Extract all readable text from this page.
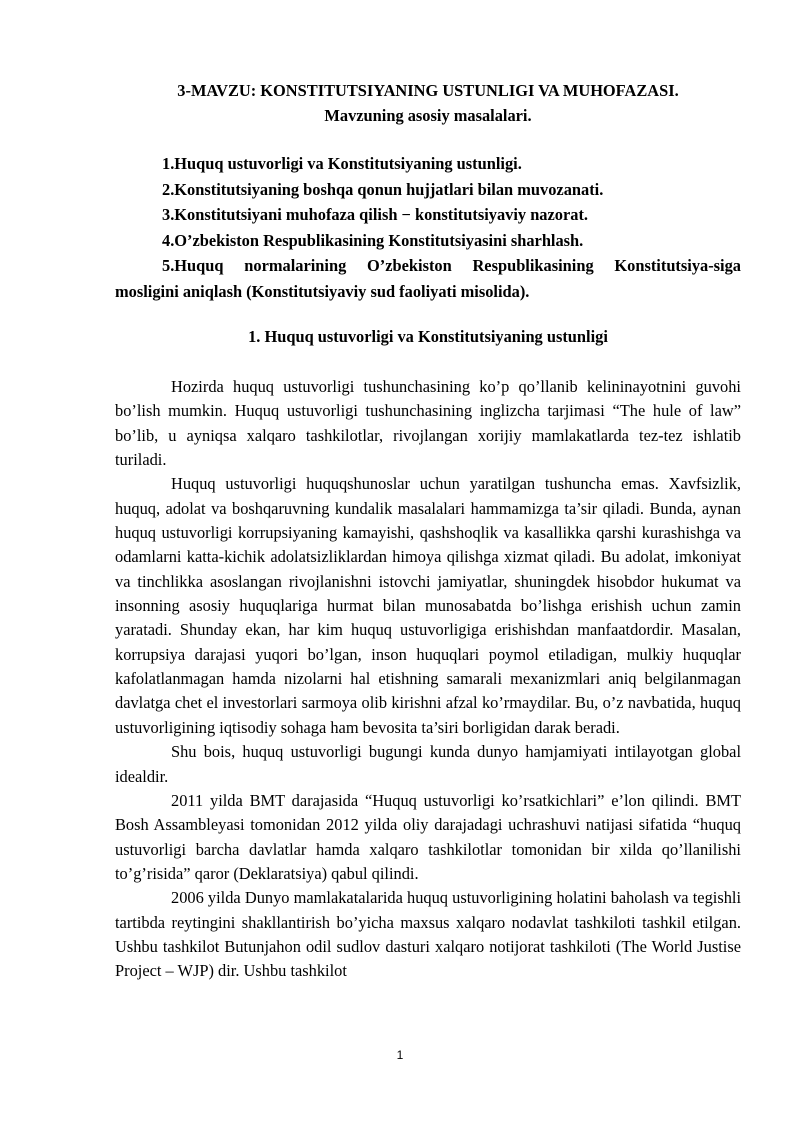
3-MAVZU: KONSTITUTSIYANING USTUNLIGI VA MUHOFAZASI.
Mavzuning asosiy masalalari.
1.Huquq ustuvorligi va Konstitutsiyaning ustunligi.
2.Konstitutsiyaning boshqa qonun hujjatlari bilan muvozanati.
3.Konstitutsiyani muhofaza qilish − konstitutsiyaviy nazorat.
4.O’zbekiston Respublikasining Konstitutsiyasini sharhlash.
5.Huquq normalarining O’zbekiston Respublikasining Konstitutsiya-siga mosligini aniqlash (Konstitutsiyaviy sud faoliyati misolida).
1. Huquq ustuvorligi va Konstitutsiyaning ustunligi

Hozirda huquq ustuvorligi tushunchasining ko’p qo’llanib kelininayotnini guvohi bo’lish mumkin. Huquq ustuvorligi tushunchasining inglizcha tarjimasi “The hule of law” bo’lib, u ayniqsa xalqaro tashkilotlar, rivojlangan xorijiy mamlakatlarda tez-tez ishlatib turiladi.

Huquq ustuvorligi huquqshunoslar uchun yaratilgan tushuncha emas. Xavfsizlik, huquq, adolat va boshqaruvning kundalik masalalari hammamizga ta’sir qiladi. Bunda, aynan huquq ustuvorligi korrupsiyaning kamayishi, qashshoqlik va kasallikka qarshi kurashishga va odamlarni katta-kichik adolatsizliklardan himoya qilishga xizmat qiladi. Bu adolat, imkoniyat va tinchlikka asoslangan rivojlanishni istovchi jamiyatlar, shuningdek hisobdor hukumat va insonning asosiy huquqlariga hurmat bilan munosabatda bo’lishga erishish uchun zamin yaratadi. Shunday ekan, har kim huquq ustuvorligiga erishishdan manfaatdordir. Masalan, korrupsiya darajasi yuqori bo’lgan, inson huquqlari poymol etiladigan, mulkiy huquqlar kafolatlanmagan hamda nizolarni hal etishning samarali mexanizmlari aniq belgilanmagan davlatga chet el investorlari sarmoya olib kirishni afzal ko’rmaydilar. Bu, o’z navbatida, huquq ustuvorligining iqtisodiy sohaga ham bevosita ta’siri borligidan darak beradi.

Shu bois, huquq ustuvorligi bugungi kunda dunyo hamjamiyati intilayotgan global idealdir.

2011 yilda BMT darajasida “Huquq ustuvorligi ko’rsatkichlari” e’lon qilindi. BMT Bosh Assambleyasi tomonidan 2012 yilda oliy darajadagi uchrashuvi natijasi sifatida “huquq ustuvorligi barcha davlatlar hamda xalqaro tashkilotlar tomonidan bir xilda qo’llanilishi to’g’risida” qaror (Deklaratsiya) qabul qilindi.

2006 yilda Dunyo mamlakatalarida huquq ustuvorligining holatini baholash va tegishli tartibda reytingini shakllantirish bo’yicha maxsus xalqaro nodavlat tashkiloti tashkil etilgan. Ushbu tashkilot Butunjahon odil sudlov dasturi xalqaro notijorat tashkiloti (The World Justise Project – WJP) dir. Ushbu tashkilot

1
